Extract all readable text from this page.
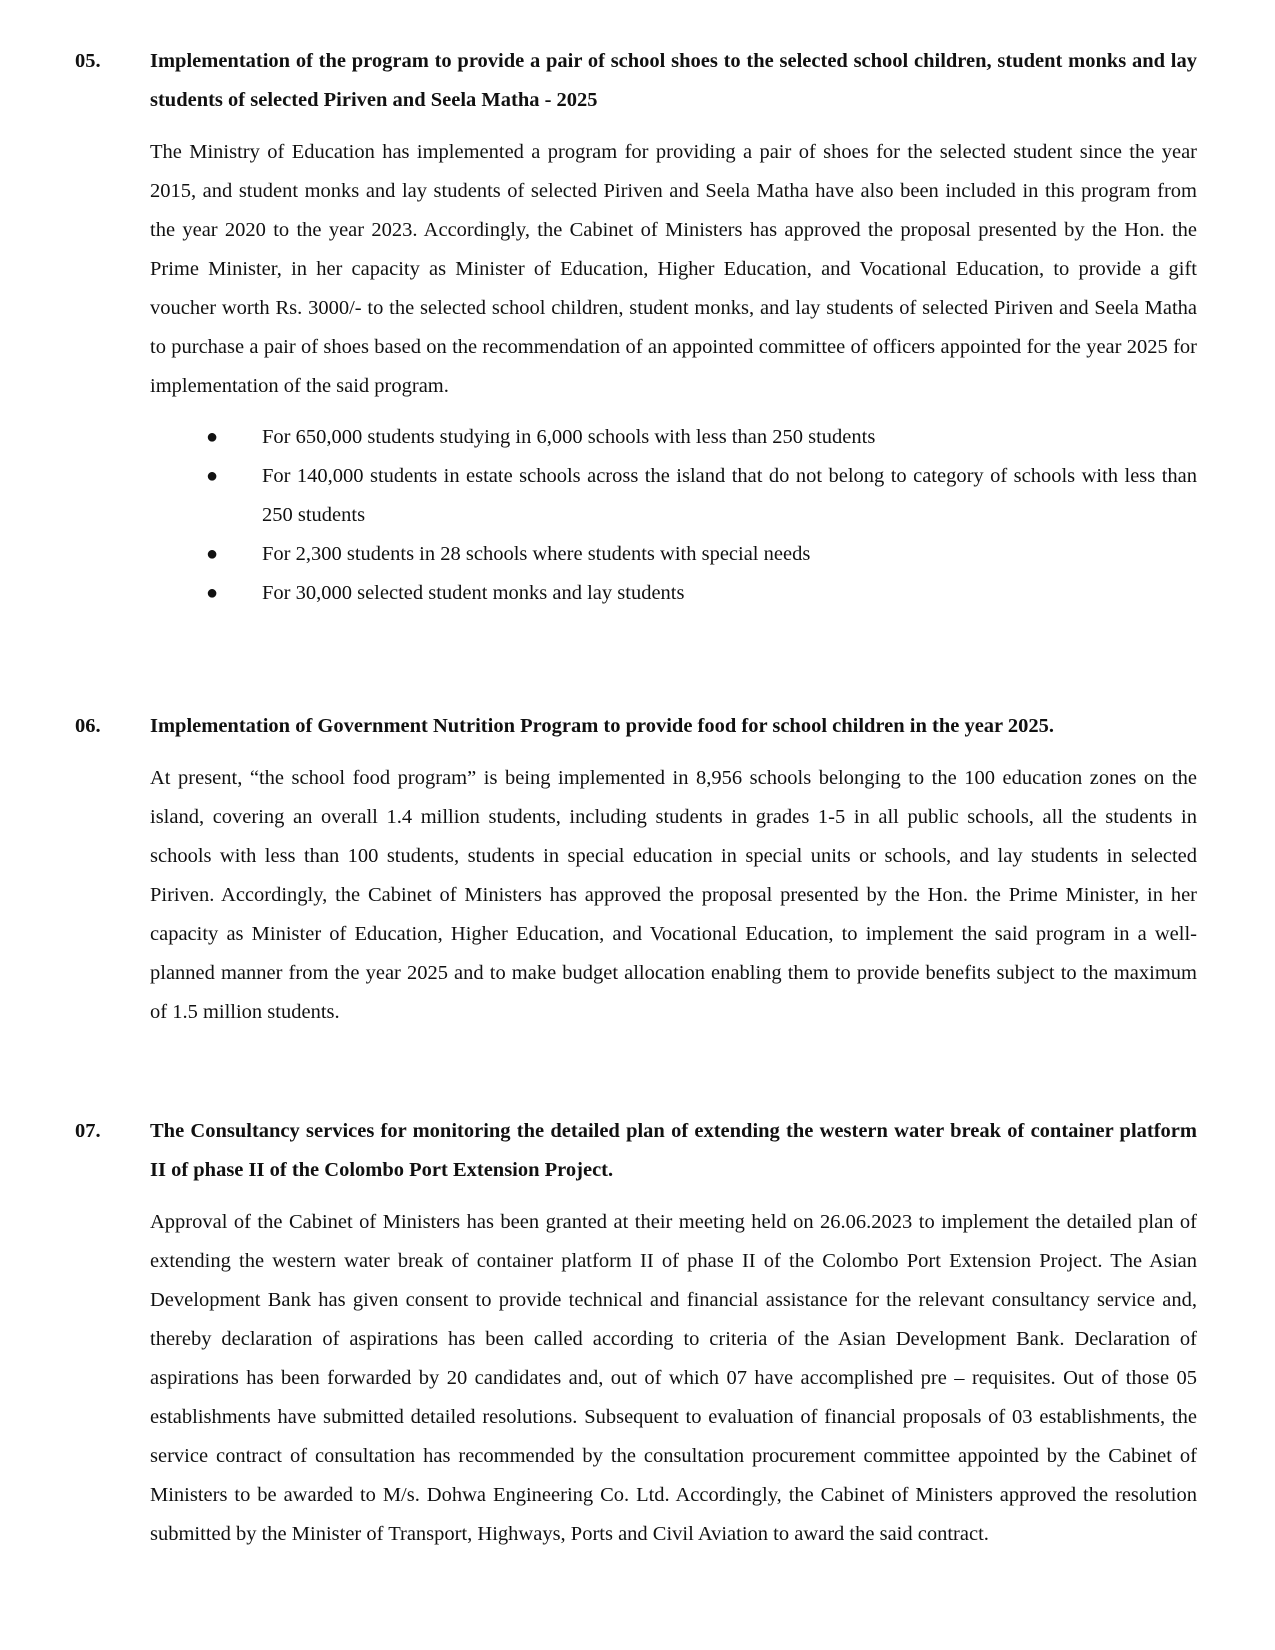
05. Implementation of the program to provide a pair of school shoes to the selected school children, student monks and lay students of selected Piriven and Seela Matha - 2025

The Ministry of Education has implemented a program for providing a pair of shoes for the selected student since the year 2015, and student monks and lay students of selected Piriven and Seela Matha have also been included in this program from the year 2020 to the year 2023. Accordingly, the Cabinet of Ministers has approved the proposal presented by the Hon. the Prime Minister, in her capacity as Minister of Education, Higher Education, and Vocational Education, to provide a gift voucher worth Rs. 3000/- to the selected school children, student monks, and lay students of selected Piriven and Seela Matha to purchase a pair of shoes based on the recommendation of an appointed committee of officers appointed for the year 2025 for implementation of the said program.

● For 650,000 students studying in 6,000 schools with less than 250 students
● For 140,000 students in estate schools across the island that do not belong to category of schools with less than 250 students
● For 2,300 students in 28 schools where students with special needs
● For 30,000 selected student monks and lay students
06. Implementation of Government Nutrition Program to provide food for school children in the year 2025.

At present, “the school food program” is being implemented in 8,956 schools belonging to the 100 education zones on the island, covering an overall 1.4 million students, including students in grades 1-5 in all public schools, all the students in schools with less than 100 students, students in special education in special units or schools, and lay students in selected Piriven. Accordingly, the Cabinet of Ministers has approved the proposal presented by the Hon. the Prime Minister, in her capacity as Minister of Education, Higher Education, and Vocational Education, to implement the said program in a well-planned manner from the year 2025 and to make budget allocation enabling them to provide benefits subject to the maximum of 1.5 million students.

07. The Consultancy services for monitoring the detailed plan of extending the western water break of container platform II of phase II of the Colombo Port Extension Project.

Approval of the Cabinet of Ministers has been granted at their meeting held on 26.06.2023 to implement the detailed plan of extending the western water break of container platform II of phase II of the Colombo Port Extension Project. The Asian Development Bank has given consent to provide technical and financial assistance for the relevant consultancy service and, thereby declaration of aspirations has been called according to criteria of the Asian Development Bank. Declaration of aspirations has been forwarded by 20 candidates and, out of which 07 have accomplished pre – requisites. Out of those 05 establishments have submitted detailed resolutions. Subsequent to evaluation of financial proposals of 03 establishments, the service contract of consultation has recommended by the consultation procurement committee appointed by the Cabinet of Ministers to be awarded to M/s. Dohwa Engineering Co. Ltd. Accordingly, the Cabinet of Ministers approved the resolution submitted by the Minister of Transport, Highways, Ports and Civil Aviation to award the said contract.
